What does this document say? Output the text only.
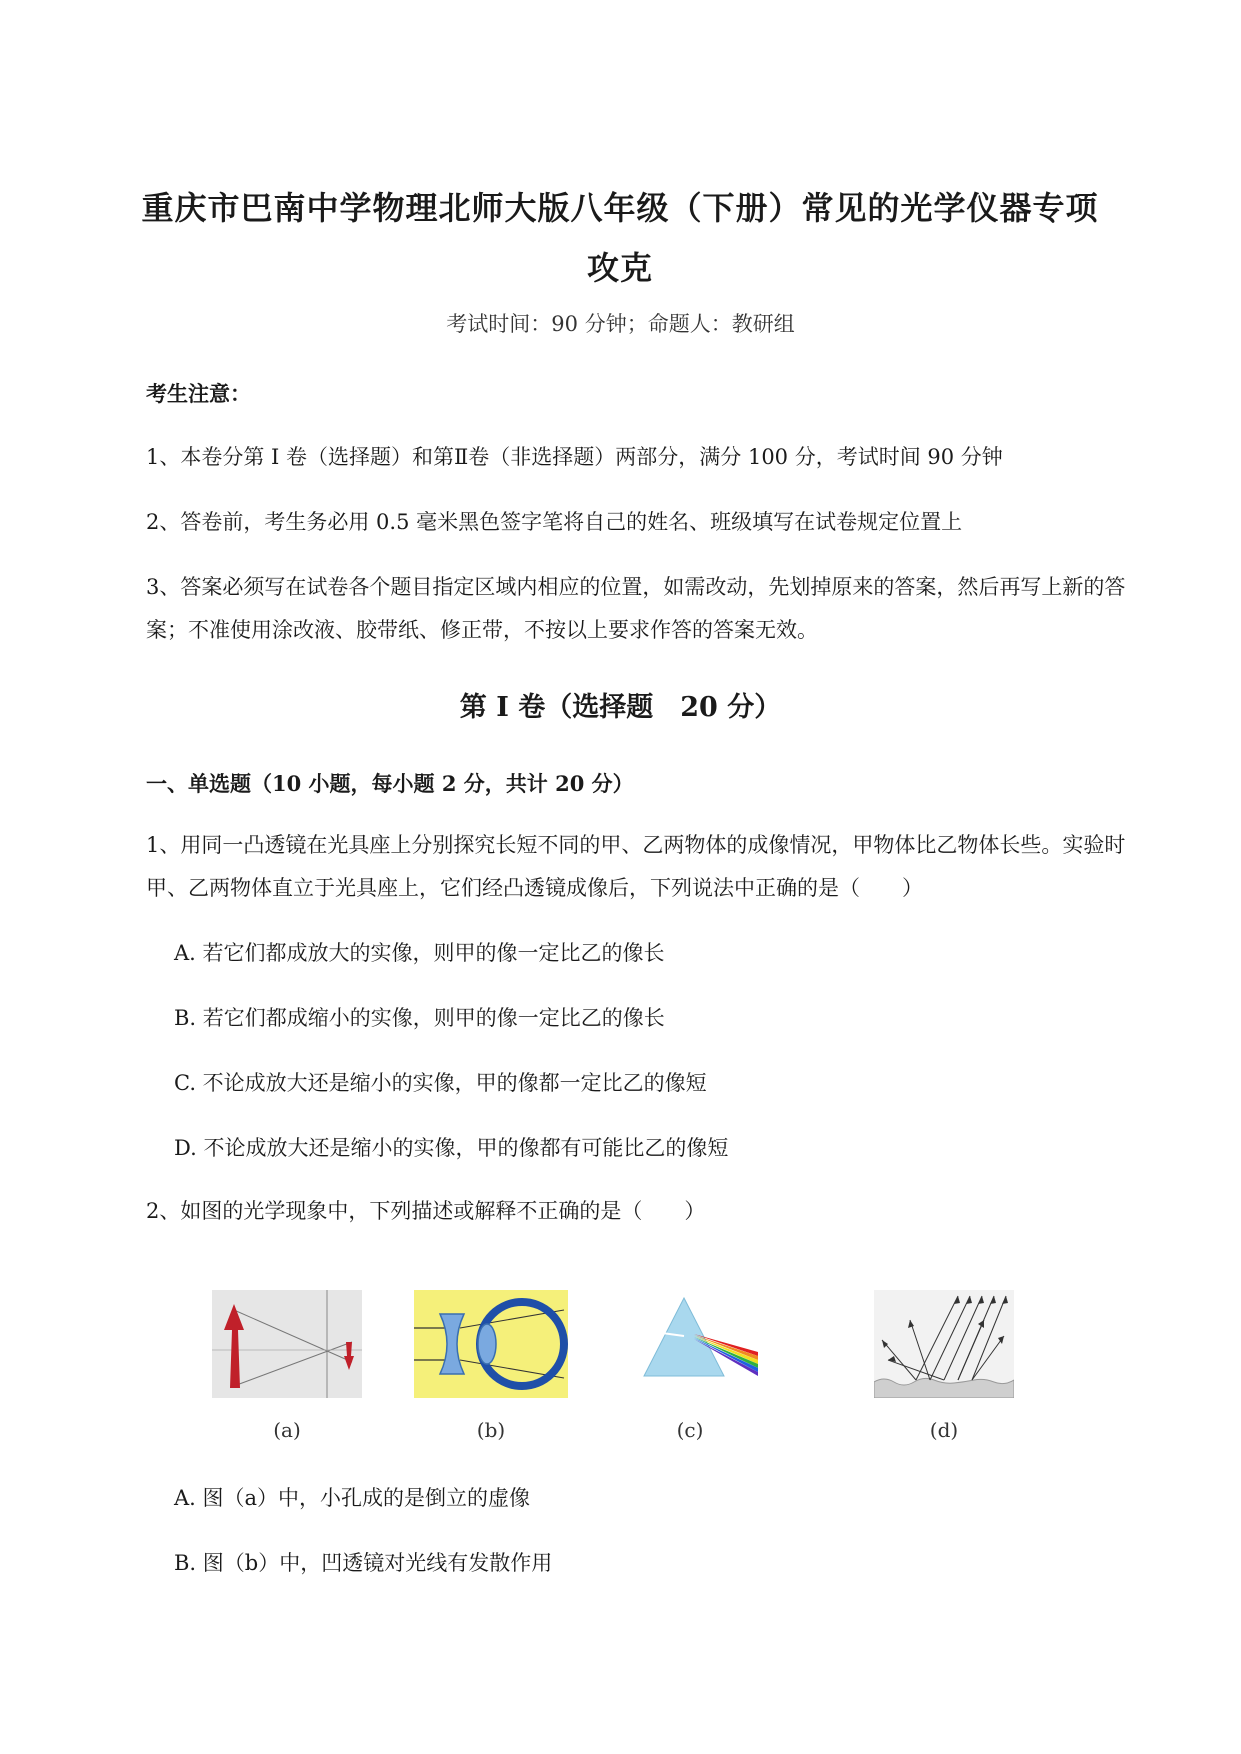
重庆市巴南中学物理北师大版八年级（下册）常见的光学仪器专项攻克
考试时间：90 分钟；命题人：教研组
考生注意：
1、本卷分第 I 卷（选择题）和第Ⅱ卷（非选择题）两部分，满分 100 分，考试时间 90 分钟
2、答卷前，考生务必用 0.5 毫米黑色签字笔将自己的姓名、班级填写在试卷规定位置上
3、答案必须写在试卷各个题目指定区域内相应的位置，如需改动，先划掉原来的答案，然后再写上新的答案；不准使用涂改液、胶带纸、修正带，不按以上要求作答的答案无效。
第 I 卷（选择题　20 分）
一、单选题（10 小题，每小题 2 分，共计 20 分）
1、用同一凸透镜在光具座上分别探究长短不同的甲、乙两物体的成像情况，甲物体比乙物体长些。实验时甲、乙两物体直立于光具座上，它们经凸透镜成像后，下列说法中正确的是（　　）
A. 若它们都成放大的实像，则甲的像一定比乙的像长
B. 若它们都成缩小的实像，则甲的像一定比乙的像长
C. 不论成放大还是缩小的实像，甲的像都一定比乙的像短
D. 不论成放大还是缩小的实像，甲的像都有可能比乙的像短
2、如图的光学现象中，下列描述或解释不正确的是（　　）
(a)	(b)	(c)	(d)
A. 图（a）中，小孔成的是倒立的虚像
B. 图（b）中，凹透镜对光线有发散作用
